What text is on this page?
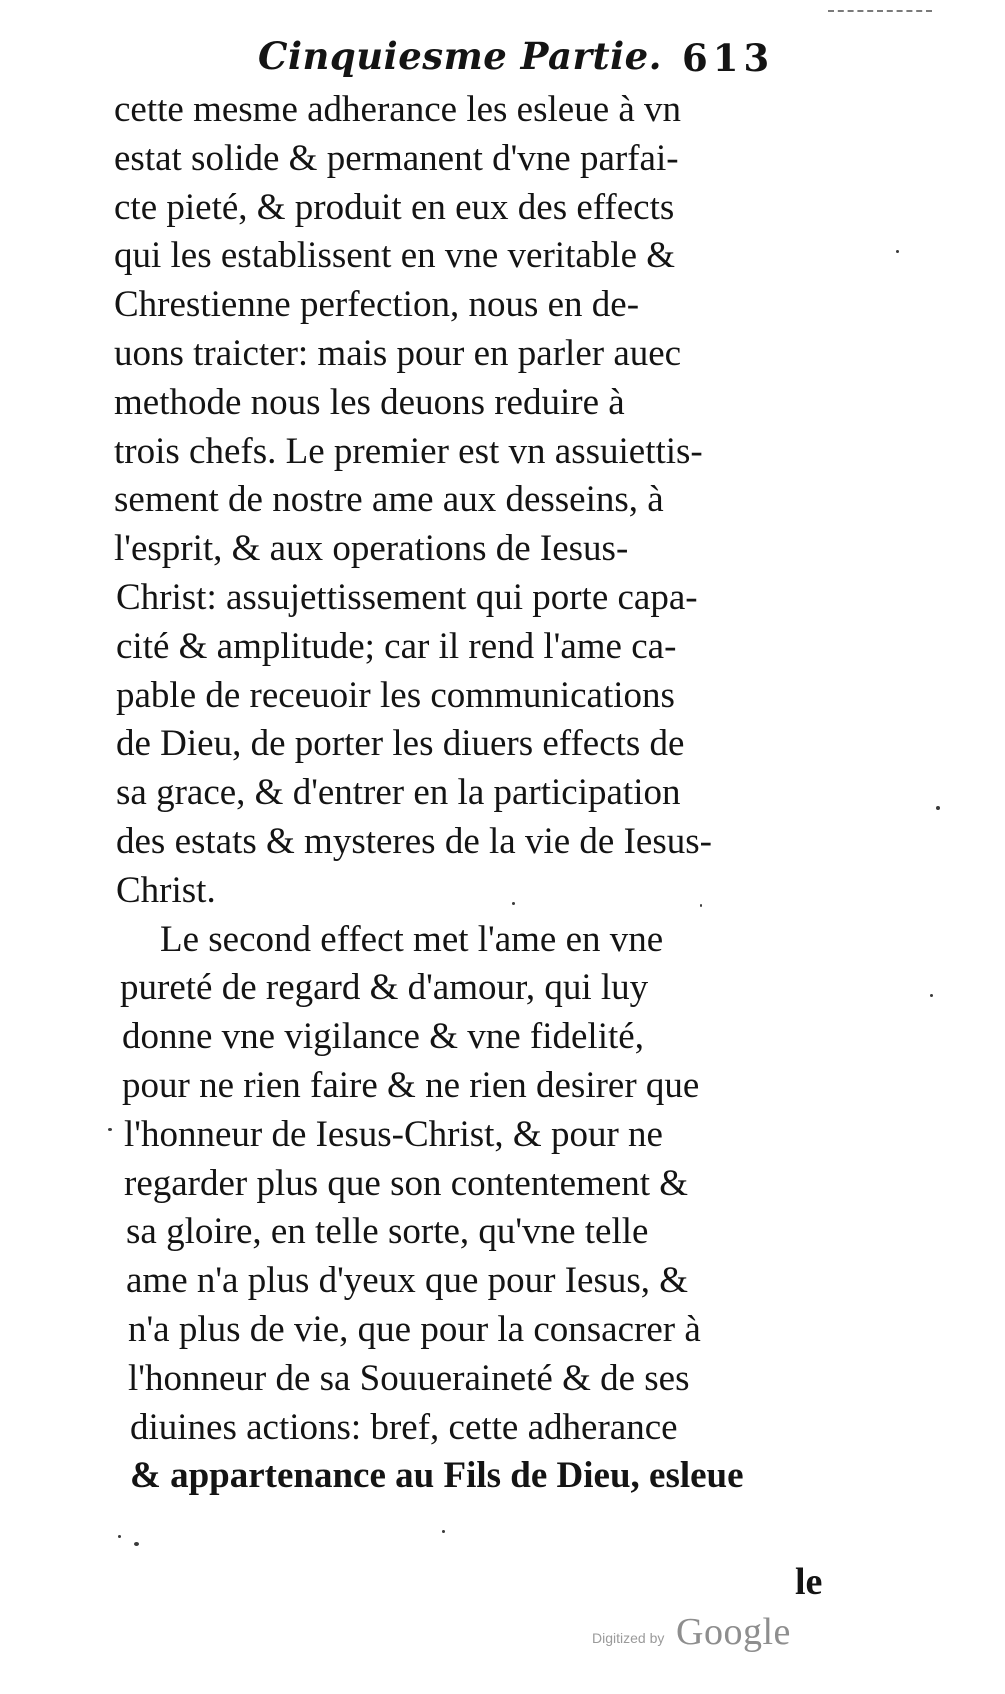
Cinquiesme Partie. 613
cette mesme adherance les esleue à vn
estat solide & permanent d'vne parfai-
cte pieté, & produit en eux des effects
qui les establissent en vne veritable &
Chrestienne perfection, nous en de-
uons traicter: mais pour en parler auec
methode nous les deuons reduire à
trois chefs. Le premier est vn assuiettis-
sement de nostre ame aux desseins, à
l'esprit, & aux operations de Iesus-
Christ: assujettissement qui porte capa-
cité & amplitude; car il rend l'ame ca-
pable de receuoir les communications
de Dieu, de porter les diuers effects de
sa grace, & d'entrer en la participation
des estats & mysteres de la vie de Iesus-
Christ.
Le second effect met l'ame en vne
pureté de regard & d'amour, qui luy
donne vne vigilance & vne fidelité,
pour ne rien faire & ne rien desirer que
l'honneur de Iesus-Christ, & pour ne
regarder plus que son contentement &
sa gloire, en telle sorte, qu'vne telle
ame n'a plus d'yeux que pour Iesus, &
n'a plus de vie, que pour la consacrer à
l'honneur de sa Souueraineté & de ses
diuines actions: bref, cette adherance
& appartenance au Fils de Dieu, esleue
le
Digitized by Google
